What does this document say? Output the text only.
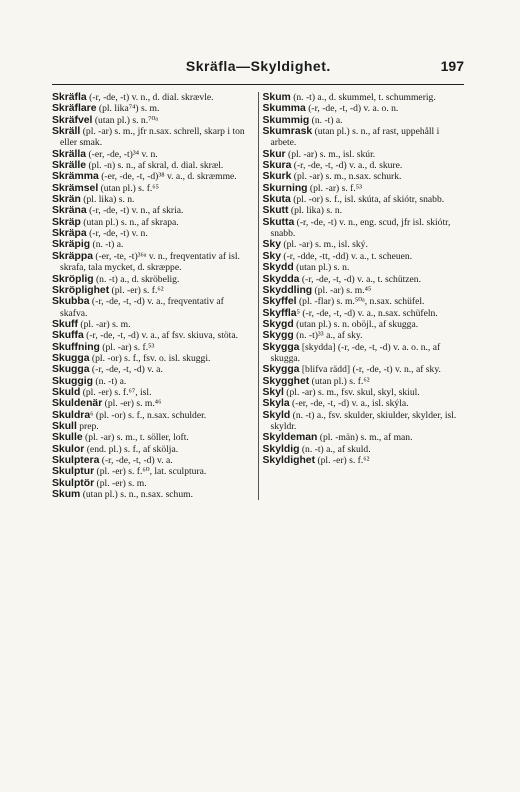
Skräfla—Skyldighet.	197

Skräfla (-r, -de, -t) v. n., d. dial. skrævle.

Skräflare (pl. lika⁷⁴) s. m.

Skräfvel (utan pl.) s. n.⁷⁰ᵃ

Skräll (pl. -ar) s. m., jfr n.sax. schrell, skarp i ton eller smak.

Skrälla (-er, -de, -t)³⁴ v. n.

Skrälle (pl. -n) s. n., af skral, d. dial. skræl.

Skrämma (-er, -de, -t, -d)³⁸ v. a., d. skræmme.

Skrämsel (utan pl.) s. f.⁶⁵

Skrän (pl. lika) s. n.

Skräna (-r, -de, -t) v. n., af skria.

Skräp (utan pl.) s. n., af skrapa.

Skräpa (-r, -de, -t) v. n.

Skräpig (n. -t) a.

Skräppa (-er, -te, -t)³⁶ᵃ v. n., freqventativ af isl. skrafa, tala mycket, d. skræppe.

Skröplig (n. -t) a., d. skröbelig.

Skröplighet (pl. -er) s. f.⁶²

Skubba (-r, -de, -t, -d) v. a., freqventativ af skafva.

Skuff (pl. -ar) s. m.

Skuffa (-r, -de, -t, -d) v. a., af fsv. skiuva, stöta.

Skuffning (pl. -ar) s. f.⁵³

Skugga (pl. -or) s. f., fsv. o. isl. skuggi.

Skugga (-r, -de, -t, -d) v. a.

Skuggig (n. -t) a.

Skuld (pl. -er) s. f.⁶⁷, isl.

Skuldenär (pl. -er) s. m.⁴⁶

Skuldra⁶ (pl. -or) s. f., n.sax. schulder.

Skull prep.

Skulle (pl. -ar) s. m., t. söller, loft.

Skulor (end. pl.) s. f., af skölja.

Skulptera (-r, -de, -t, -d) v. a.

Skulptur (pl. -er) s. f.⁶⁰, lat. sculptura.

Skulptör (pl. -er) s. m.

Skum (utan pl.) s. n., n.sax. schum.

Skum (n. -t) a., d. skummel, t. schummerig.

Skumma (-r, -de, -t, -d) v. a. o. n.

Skummig (n. -t) a.

Skumrask (utan pl.) s. n., af rast, uppehåll i arbete.

Skur (pl. -ar) s. m., isl. skúr.

Skura (-r, -de, -t, -d) v. a., d. skure.

Skurk (pl. -ar) s. m., n.sax. schurk.

Skurning (pl. -ar) s. f.⁵³

Skuta (pl. -or) s. f., isl. skúta, af skiótr, snabb.

Skutt (pl. lika) s. n.

Skutta (-r, -de, -t) v. n., eng. scud, jfr isl. skiótr, snabb.

Sky (pl. -ar) s. m., isl. ský.

Sky (-r, -dde, -tt, -dd) v. a., t. scheuen.

Skydd (utan pl.) s. n.

Skydda (-r, -de, -t, -d) v. a., t. schützen.

Skyddling (pl. -ar) s. m.⁴⁵

Skyffel (pl. -flar) s. m.⁵⁰ᵃ, n.sax. schüfel.

Skyffla⁵ (-r, -de, -t, -d) v. a., n.sax. schüfeln.

Skygd (utan pl.) s. n. oböjl., af skugga.

Skygg (n. -t)³³ a., af sky.

Skygga [skydda] (-r, -de, -t, -d) v. a. o. n., af skugga.

Skygga [blifva rädd] (-r, -de, -t) v. n., af sky.

Skygghet (utan pl.) s. f.⁶²

Skyl (pl. -ar) s. m., fsv. skul, skyl, skiul.

Skyla (-er, -de, -t, -d) v. a., isl. skýla.

Skyld (n. -t) a., fsv. skulder, skiulder, skylder, isl. skyldr.

Skyldeman (pl. -män) s. m., af man.

Skyldig (n. -t) a., af skuld.

Skyldighet (pl. -er) s. f.⁶²
